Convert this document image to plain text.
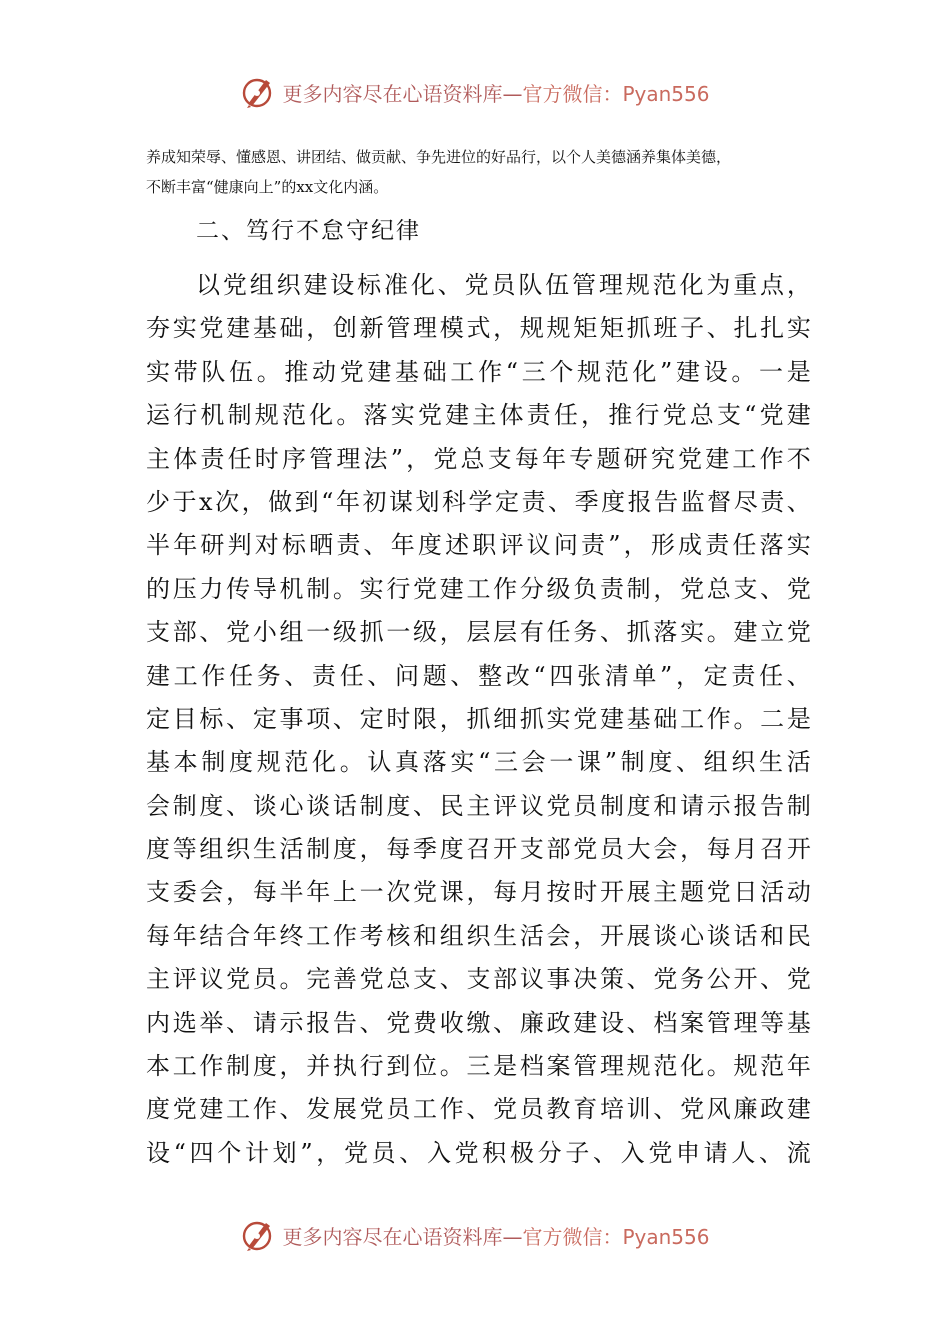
更多内容尽在心语资料库—官方微信：Pyan556

养成知荣辱、懂感恩、讲团结、做贡献、争先进位的好品行，以个人美德涵养集体美德，

不断丰富“健康向上”的xx文化内涵。

二、笃行不怠守纪律
以 党 组 织 建 设 标 准 化 、 党 员 队 伍 管 理 规 范 化 为 重 点 ，
夯 实 党 建 基 础 ， 创 新 管 理 模 式 ， 规 规 矩 矩 抓 班 子 、 扎 扎 实
实 带 队 伍 。 推 动 党 建 基 础 工 作 “ 三 个 规 范 化 ” 建 设 。 一 是
运 行 机 制 规 范 化 。 落 实 党 建 主 体 责 任 ， 推 行 党 总 支 “ 党 建
主 体 责 任 时 序 管 理 法 ” ， 党 总 支 每 年 专 题 研 究 党 建 工 作 不
少 于 x 次 ， 做 到 “ 年 初 谋 划 科 学 定 责 、 季 度 报 告 监 督 尽 责 、
半 年 研 判 对 标 晒 责 、 年 度 述 职 评 议 问 责 ” ， 形 成 责 任 落 实
的 压 力 传 导 机 制 。 实 行 党 建 工 作 分 级 负 责 制 ， 党 总 支 、 党
支 部 、 党 小 组 一 级 抓 一 级 ， 层 层 有 任 务 、 抓 落 实 。 建 立 党
建 工 作 任 务 、 责 任 、 问 题 、 整 改 “ 四 张 清 单 ” ， 定 责 任 、
定 目 标 、 定 事 项 、 定 时 限 ， 抓 细 抓 实 党 建 基 础 工 作 。 二 是
基 本 制 度 规 范 化 。 认 真 落 实 “ 三 会 一 课 ” 制 度 、 组 织 生 活
会 制 度 、 谈 心 谈 话 制 度 、 民 主 评 议 党 员 制 度 和 请 示 报 告 制
度 等 组 织 生 活 制 度 ， 每 季 度 召 开 支 部 党 员 大 会 ， 每 月 召 开
支 委 会 ， 每 半 年 上 一 次 党 课 ， 每 月 按 时 开 展 主 题 党 日 活 动
每 年 结 合 年 终 工 作 考 核 和 组 织 生 活 会 ， 开 展 谈 心 谈 话 和 民
主 评 议 党 员 。 完 善 党 总 支 、 支 部 议 事 决 策 、 党 务 公 开 、 党
内 选 举 、 请 示 报 告 、 党 费 收 缴 、 廉 政 建 设 、 档 案 管 理 等 基
本 工 作 制 度 ， 并 执 行 到 位 。 三 是 档 案 管 理 规 范 化 。 规 范 年
度 党 建 工 作 、 发 展 党 员 工 作 、 党 员 教 育 培 训 、 党 风 廉 政 建
设 “ 四 个 计 划 ” ， 党 员 、 入 党 积 极 分 子 、 入 党 申 请 人 、 流
更多内容尽在心语资料库—官方微信：Pyan556
